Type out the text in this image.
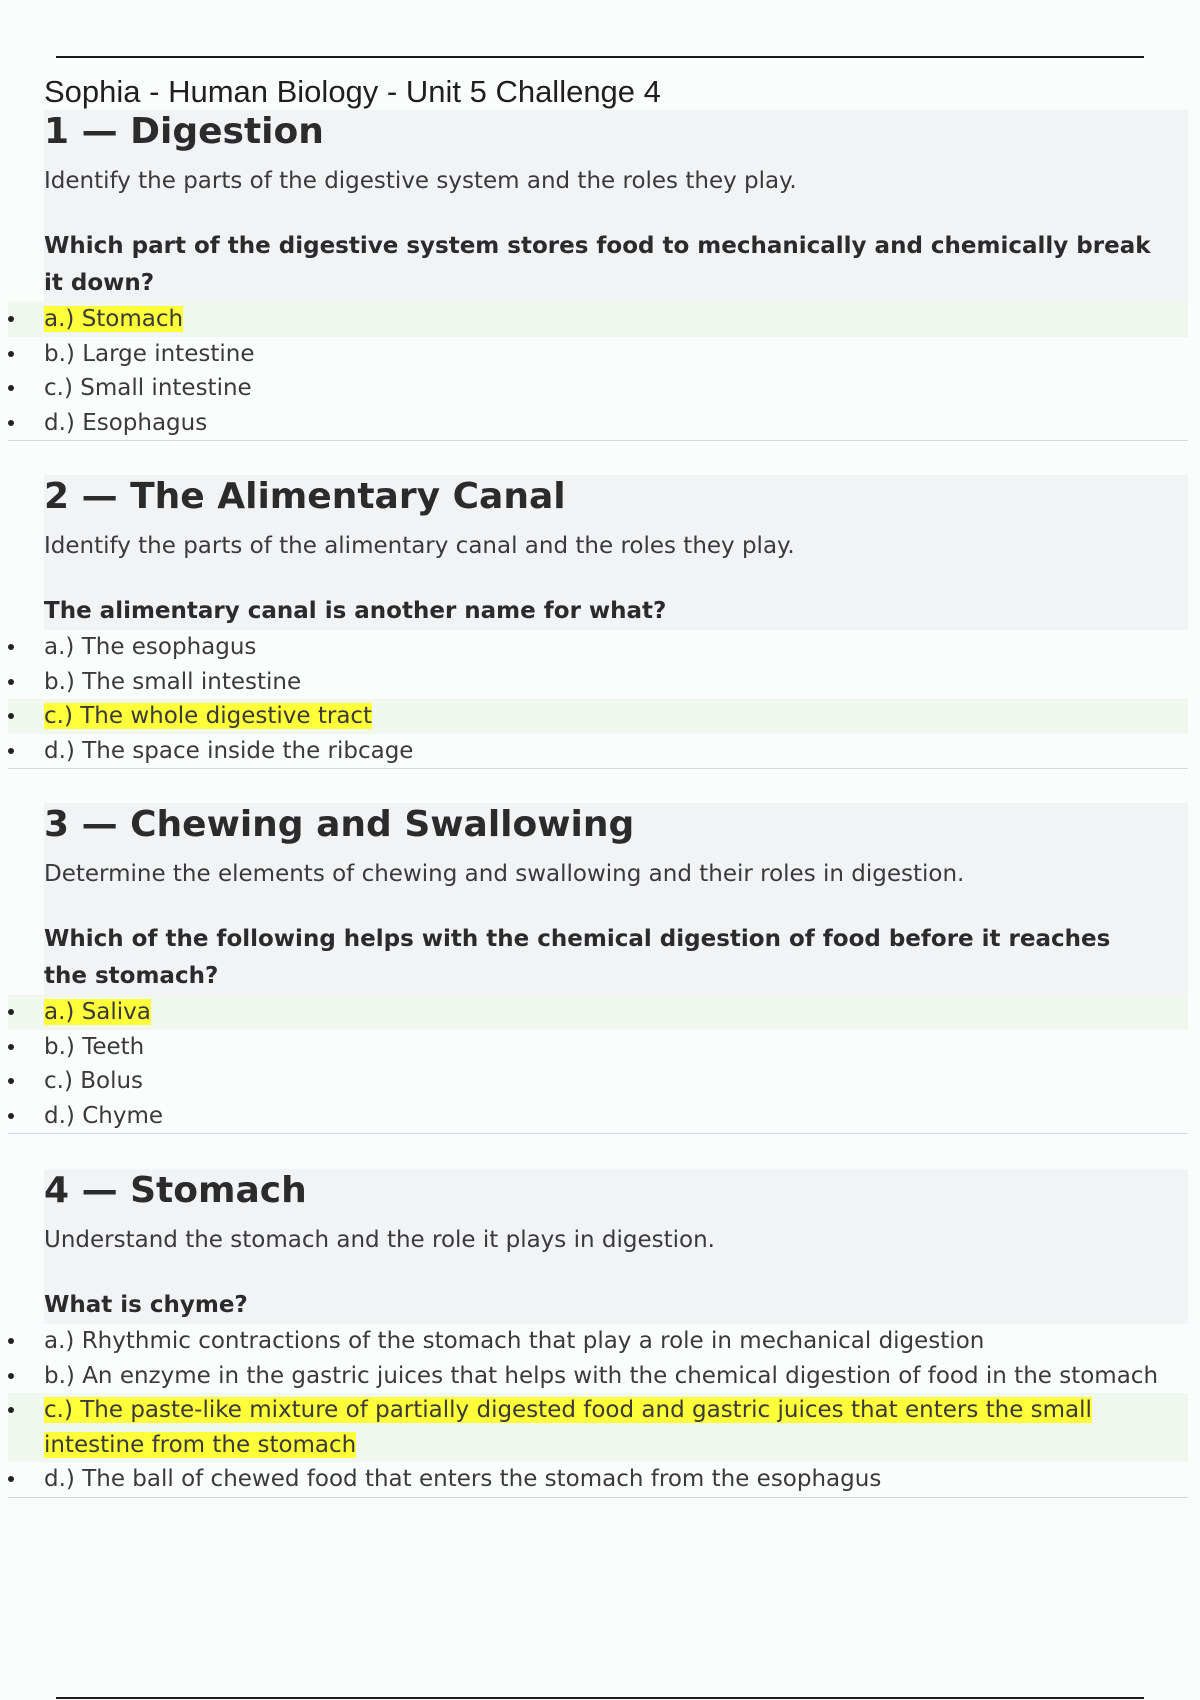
Sophia - Human Biology - Unit 5 Challenge 4
1 — Digestion
Identify the parts of the digestive system and the roles they play.
Which part of the digestive system stores food to mechanically and chemically break it down?
a.) Stomach
b.) Large intestine
c.) Small intestine
d.) Esophagus
2 — The Alimentary Canal
Identify the parts of the alimentary canal and the roles they play.
The alimentary canal is another name for what?
a.) The esophagus
b.) The small intestine
c.) The whole digestive tract
d.) The space inside the ribcage
3 — Chewing and Swallowing
Determine the elements of chewing and swallowing and their roles in digestion.
Which of the following helps with the chemical digestion of food before it reaches the stomach?
a.) Saliva
b.) Teeth
c.) Bolus
d.) Chyme
4 — Stomach
Understand the stomach and the role it plays in digestion.
What is chyme?
a.) Rhythmic contractions of the stomach that play a role in mechanical digestion
b.) An enzyme in the gastric juices that helps with the chemical digestion of food in the stomach
c.) The paste-like mixture of partially digested food and gastric juices that enters the small intestine from the stomach
d.) The ball of chewed food that enters the stomach from the esophagus
